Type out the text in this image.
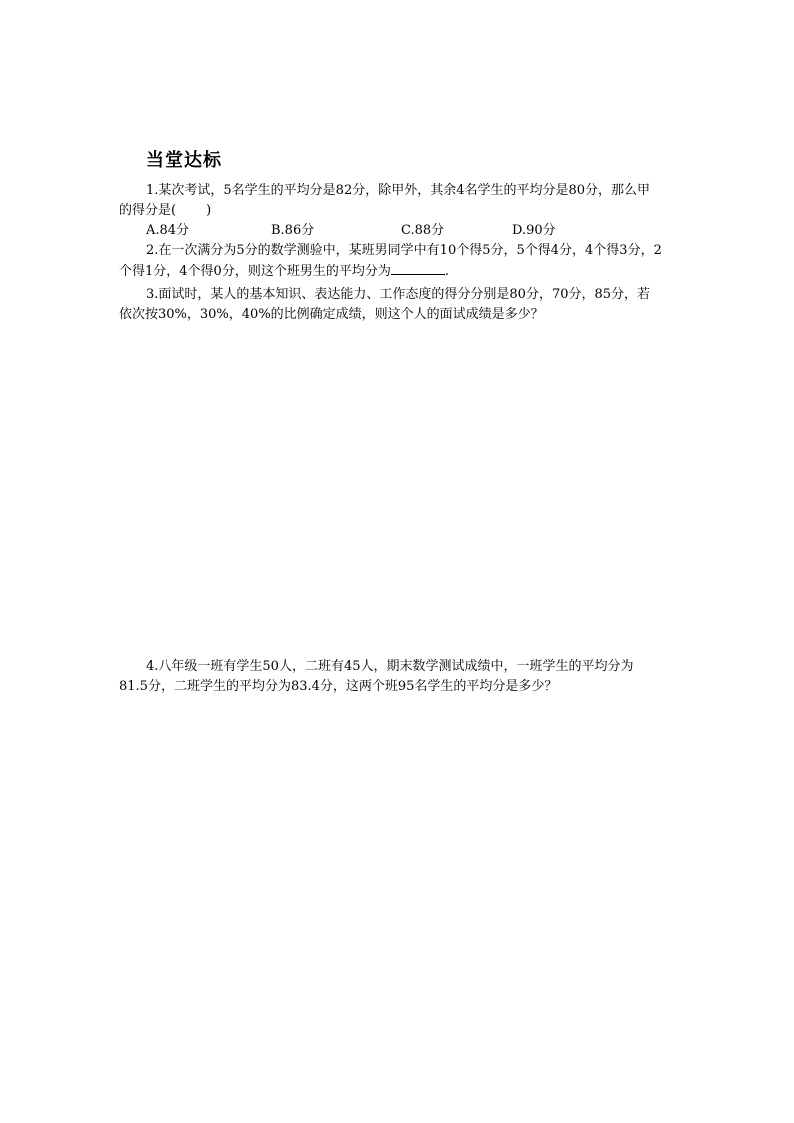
当堂达标
1.某次考试，5名学生的平均分是82分，除甲外，其余4名学生的平均分是80分，那么甲
的得分是( )
A.84分	B.86分	C.88分	D.90分
2.在一次满分为5分的数学测验中，某班男同学中有10个得5分，5个得4分，4个得3分，2
个得1分，4个得0分，则这个班男生的平均分为	.
3.面试时，某人的基本知识、表达能力、工作态度的得分分别是80分，70分，85分，若
依次按30%，30%，40%的比例确定成绩，则这个人的面试成绩是多少？
4.八年级一班有学生50人，二班有45人，期末数学测试成绩中，一班学生的平均分为
81.5分，二班学生的平均分为83.4分，这两个班95名学生的平均分是多少？
